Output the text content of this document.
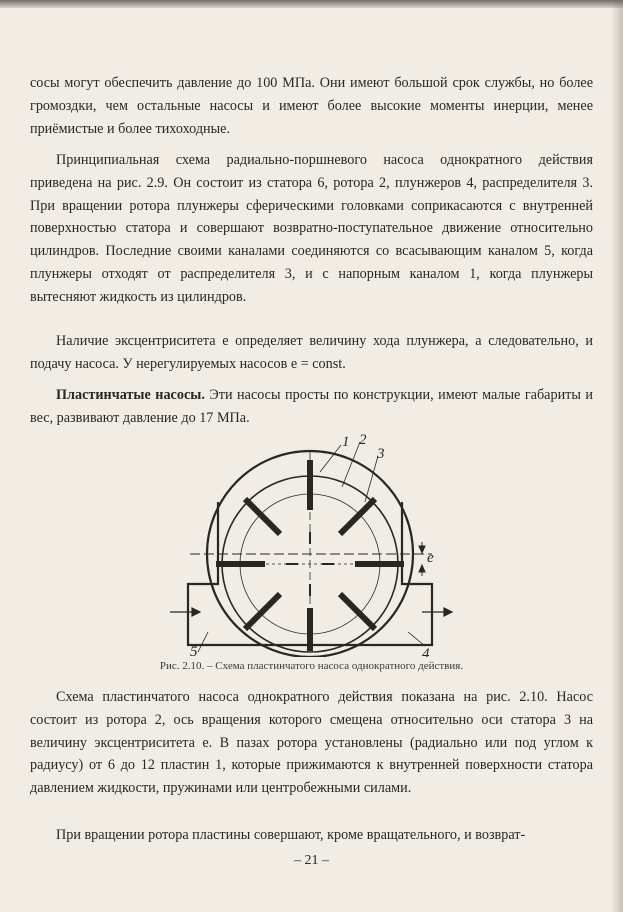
сосы могут обеспечить давление до 100 МПа. Они имеют большой срок службы, но более громоздки, чем остальные насосы и имеют более высокие моменты инерции, менее приёмистые и более тихоходные.

Принципиальная схема радиально-поршневого насоса однократного действия приведена на рис. 2.9. Он состоит из статора 6, ротора 2, плунжеров 4, распределителя 3. При вращении ротора плунжеры сферическими головками соприкасаются с внутренней поверхностью статора и совершают возвратно-поступательное движение относительно цилиндров. Последние своими каналами соединяются со всасывающим каналом 5, когда плунжеры отходят от распределителя 3, и с напорным каналом 1, когда плунжеры вытесняют жидкость из цилиндров.

Наличие эксцентриситета е определяет величину хода плунжера, а следовательно, и подачу насоса. У нерегулируемых насосов е = const.

Пластинчатые насосы. Эти насосы просты по конструкции, имеют малые габариты и вес, развивают давление до 17 МПа.

1 2
3
4
5
e
Рис. 2.10. – Схема пластинчатого насоса однократного действия.

Схема пластинчатого насоса однократного действия показана на рис. 2.10. Насос состоит из ротора 2, ось вращения которого смещена относительно оси статора 3 на величину эксцентриситета е. В пазах ротора установлены (радиально или под углом к радиусу) от 6 до 12 пластин 1, которые прижимаются к внутренней поверхности статора давлением жидкости, пружинами или центробежными силами.

При вращении ротора пластины совершают, кроме вращательного, и возврат-

– 21 –
